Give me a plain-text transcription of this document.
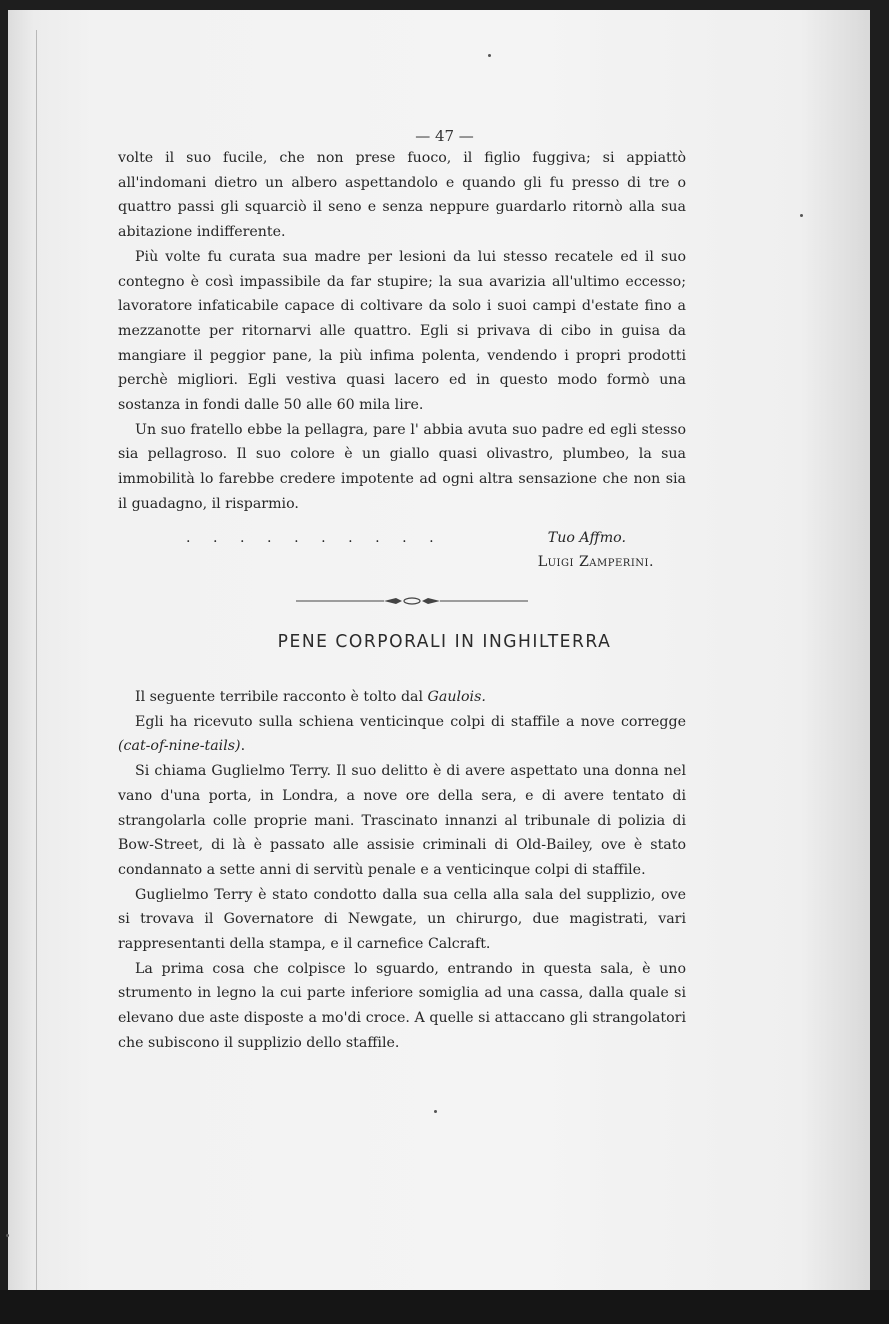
— 47 —

volte il suo fucile, che non prese fuoco, il figlio fuggiva; si appiattò all'indomani dietro un albero aspettandolo e quando gli fu presso di tre o quattro passi gli squarciò il seno e senza neppure guardarlo ritornò alla sua abitazione indifferente.

Più volte fu curata sua madre per lesioni da lui stesso recatele ed il suo contegno è così impassibile da far stupire; la sua avarizia all'ultimo eccesso; lavoratore infaticabile capace di coltivare da solo i suoi campi d'estate fino a mezzanotte per ritornarvi alle quattro. Egli si privava di cibo in guisa da mangiare il peggior pane, la più infima polenta, vendendo i propri prodotti perchè migliori. Egli vestiva quasi lacero ed in questo modo formò una sostanza in fondi dalle 50 alle 60 mila lire.

Un suo fratello ebbe la pellagra, pare l' abbia avuta suo padre ed egli stesso sia pellagroso. Il suo colore è un giallo quasi olivastro, plumbeo, la sua immobilità lo farebbe credere impotente ad ogni altra sensazione che non sia il guadagno, il risparmio.

. . . . . . . . . .	Tuo Affmo.
Luigi Zamperini.
PENE CORPORALI IN INGHILTERRA

Il seguente terribile racconto è tolto dal Gaulois.

Egli ha ricevuto sulla schiena venticinque colpi di staffile a nove corregge (cat-of-nine-tails).

Si chiama Guglielmo Terry. Il suo delitto è di avere aspettato una donna nel vano d'una porta, in Londra, a nove ore della sera, e di avere tentato di strangolarla colle proprie mani. Trascinato innanzi al tribunale di polizia di Bow-Street, di là è passato alle assisie criminali di Old-Bailey, ove è stato condannato a sette anni di servitù penale e a venticinque colpi di staffile.

Guglielmo Terry è stato condotto dalla sua cella alla sala del supplizio, ove si trovava il Governatore di Newgate, un chirurgo, due magistrati, vari rappresentanti della stampa, e il carnefice Calcraft.

La prima cosa che colpisce lo sguardo, entrando in questa sala, è uno strumento in legno la cui parte inferiore somiglia ad una cassa, dalla quale si elevano due aste disposte a mo'di croce. A quelle si attaccano gli strangolatori che subiscono il supplizio dello staffile.
